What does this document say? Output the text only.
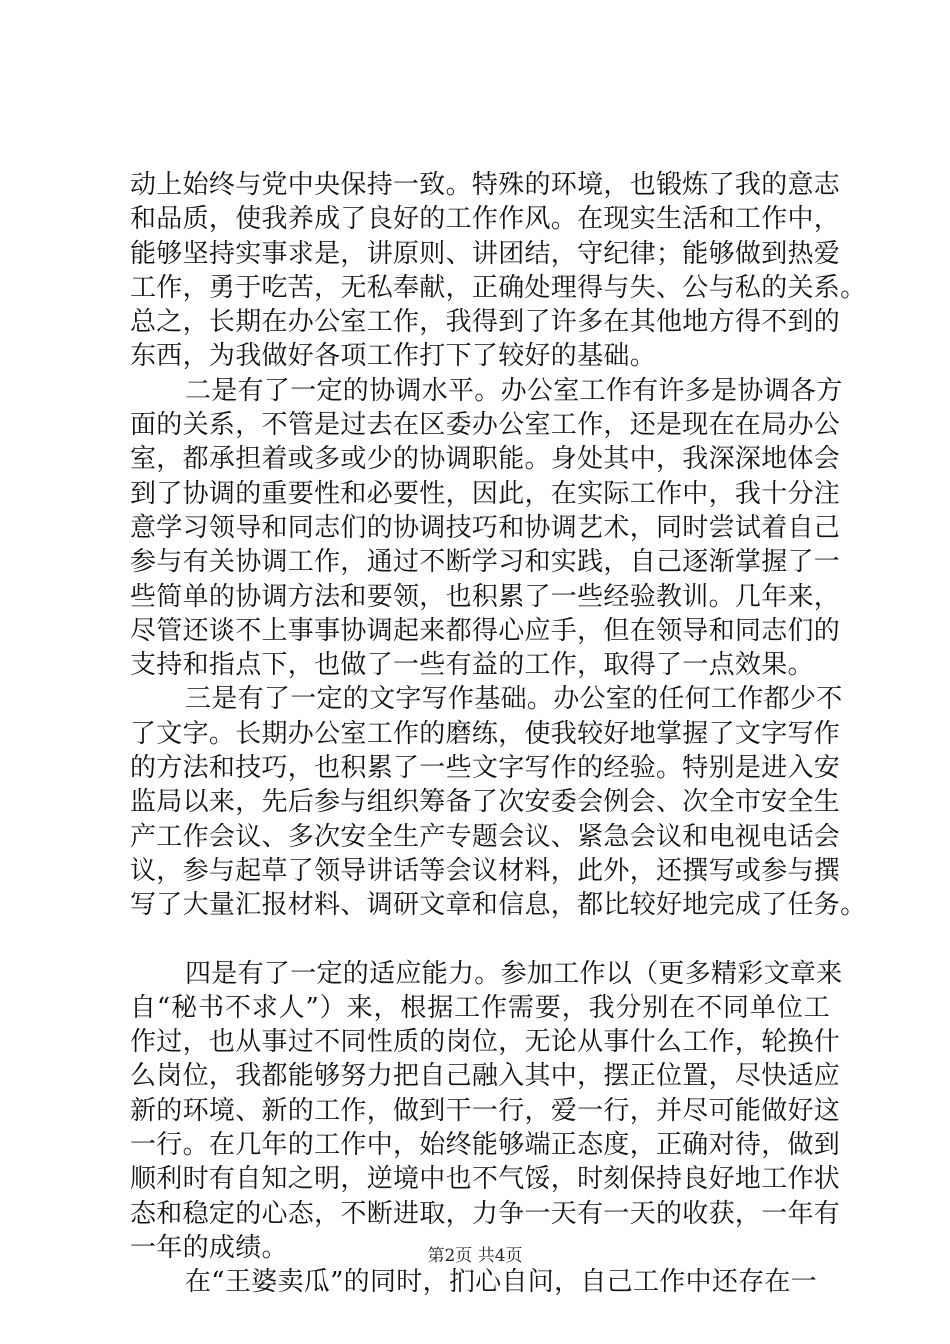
动上始终与党中央保持一致。特殊的环境，也锻炼了我的意志
和品质，使我养成了良好的工作作风。在现实生活和工作中，
能够坚持实事求是，讲原则、讲团结，守纪律；能够做到热爱
工作，勇于吃苦，无私奉献，正确处理得与失、公与私的关系。
总之，长期在办公室工作，我得到了许多在其他地方得不到的
东西，为我做好各项工作打下了较好的基础。
二是有了一定的协调水平。办公室工作有许多是协调各方
面的关系，不管是过去在区委办公室工作，还是现在在局办公
室，都承担着或多或少的协调职能。身处其中，我深深地体会
到了协调的重要性和必要性，因此，在实际工作中，我十分注
意学习领导和同志们的协调技巧和协调艺术，同时尝试着自己
参与有关协调工作，通过不断学习和实践，自己逐渐掌握了一
些简单的协调方法和要领，也积累了一些经验教训。几年来，
尽管还谈不上事事协调起来都得心应手，但在领导和同志们的
支持和指点下，也做了一些有益的工作，取得了一点效果。
三是有了一定的文字写作基础。办公室的任何工作都少不
了文字。长期办公室工作的磨练，使我较好地掌握了文字写作
的方法和技巧，也积累了一些文字写作的经验。特别是进入安
监局以来，先后参与组织筹备了次安委会例会、次全市安全生
产工作会议、多次安全生产专题会议、紧急会议和电视电话会
议，参与起草了领导讲话等会议材料，此外，还撰写或参与撰
写了大量汇报材料、调研文章和信息，都比较好地完成了任务。
四是有了一定的适应能力。参加工作以（更多精彩文章来
自“秘书不求人”）来，根据工作需要，我分别在不同单位工
作过，也从事过不同性质的岗位，无论从事什么工作，轮换什
么岗位，我都能够努力把自己融入其中，摆正位置，尽快适应
新的环境、新的工作，做到干一行，爱一行，并尽可能做好这
一行。在几年的工作中，始终能够端正态度，正确对待，做到
顺利时有自知之明，逆境中也不气馁，时刻保持良好地工作状
态和稳定的心态，不断进取，力争一天有一天的收获，一年有
一年的成绩。
在“王婆卖瓜”的同时，扪心自问，自己工作中还存在一
第2页 共4页
